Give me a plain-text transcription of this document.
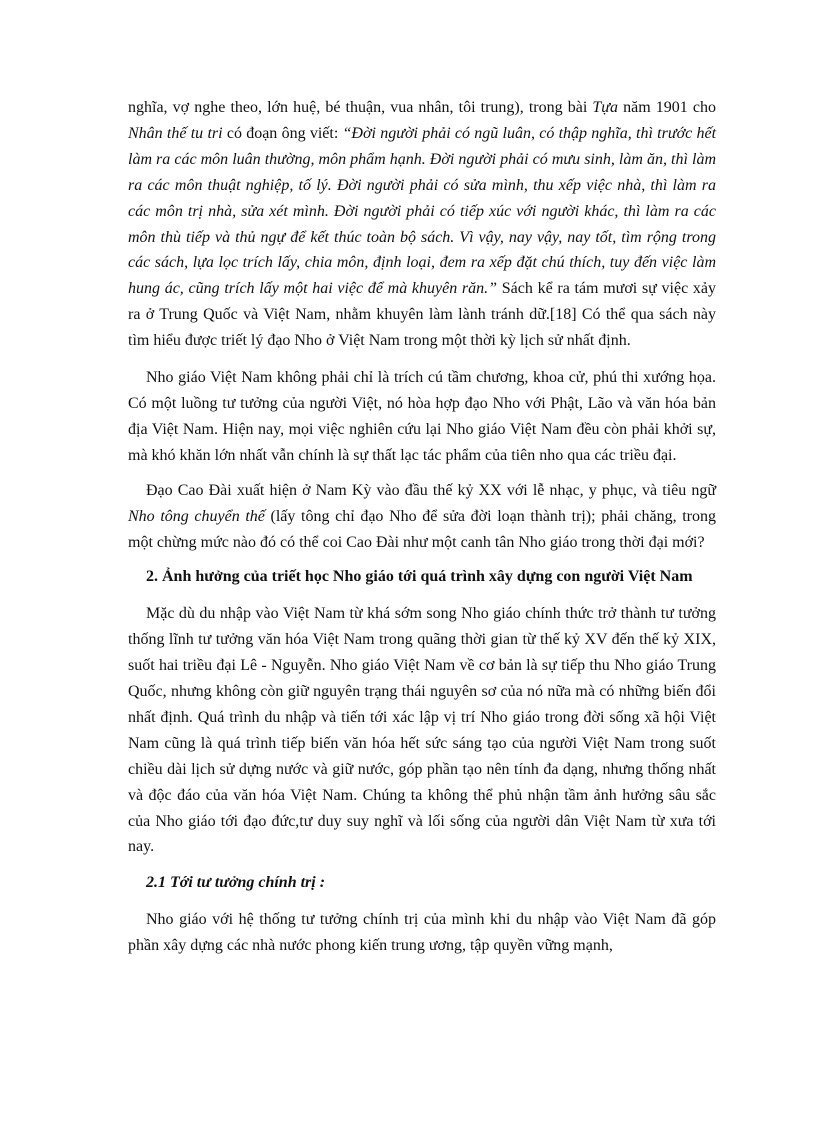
nghĩa, vợ nghe theo, lớn huệ, bé thuận, vua nhân, tôi trung), trong bài Tựa năm 1901 cho Nhân thế tu tri có đoạn ông viết: “Đời người phải có ngũ luân, có thập nghĩa, thì trước hết làm ra các môn luân thường, môn phẩm hạnh. Đời người phải có mưu sinh, làm ăn, thì làm ra các môn thuật nghiệp, tố lý. Đời người phải có sửa mình, thu xếp việc nhà, thì làm ra các môn trị nhà, sửa xét mình. Đời người phải có tiếp xúc với người khác, thì làm ra các môn thù tiếp và thủ ngự để kết thúc toàn bộ sách. Vì vậy, nay vậy, nay tốt, tìm rộng trong các sách, lựa lọc trích lấy, chia môn, định loại, đem ra xếp đặt chú thích, tuy đến việc làm hung ác, cũng trích lấy một hai việc để mà khuyên răn.” Sách kể ra tám mươi sự việc xảy ra ở Trung Quốc và Việt Nam, nhằm khuyên làm lành tránh dữ.[18] Có thể qua sách này tìm hiểu được triết lý đạo Nho ở Việt Nam trong một thời kỳ lịch sử nhất định.

Nho giáo Việt Nam không phải chỉ là trích cú tầm chương, khoa cử, phú thi xướng họa. Có một luồng tư tưởng của người Việt, nó hòa hợp đạo Nho với Phật, Lão và văn hóa bản địa Việt Nam. Hiện nay, mọi việc nghiên cứu lại Nho giáo Việt Nam đều còn phải khởi sự, mà khó khăn lớn nhất vẫn chính là sự thất lạc tác phẩm của tiên nho qua các triều đại.

Đạo Cao Đài xuất hiện ở Nam Kỳ vào đầu thế kỷ XX với lễ nhạc, y phục, và tiêu ngữ Nho tông chuyển thế (lấy tông chỉ đạo Nho để sửa đời loạn thành trị); phải chăng, trong một chừng mức nào đó có thể coi Cao Đài như một canh tân Nho giáo trong thời đại mới?

2. Ảnh hưởng của triết học Nho giáo tới quá trình xây dựng con người Việt Nam

Mặc dù du nhập vào Việt Nam từ khá sớm song Nho giáo chính thức trở thành tư tưởng thống lĩnh tư tưởng văn hóa Việt Nam trong quãng thời gian từ thế kỷ XV đến thế kỷ XIX, suốt hai triều đại Lê - Nguyễn. Nho giáo Việt Nam về cơ bản là sự tiếp thu Nho giáo Trung Quốc, nhưng không còn giữ nguyên trạng thái nguyên sơ của nó nữa mà có những biến đổi nhất định. Quá trình du nhập và tiến tới xác lập vị trí Nho giáo trong đời sống xã hội Việt Nam cũng là quá trình tiếp biến văn hóa hết sức sáng tạo của người Việt Nam trong suốt chiều dài lịch sử dựng nước và giữ nước, góp phần tạo nên tính đa dạng, nhưng thống nhất và độc đáo của văn hóa Việt Nam. Chúng ta không thể phủ nhận tầm ảnh hưởng sâu sắc của Nho giáo tới đạo đức,tư duy suy nghĩ và lối sống của người dân Việt Nam từ xưa tới nay.

2.1 Tới tư tưởng chính trị :

Nho giáo với hệ thống tư tưởng chính trị của mình khi du nhập vào Việt Nam đã góp phần xây dựng các nhà nước phong kiến trung ương, tập quyền vững mạnh,
